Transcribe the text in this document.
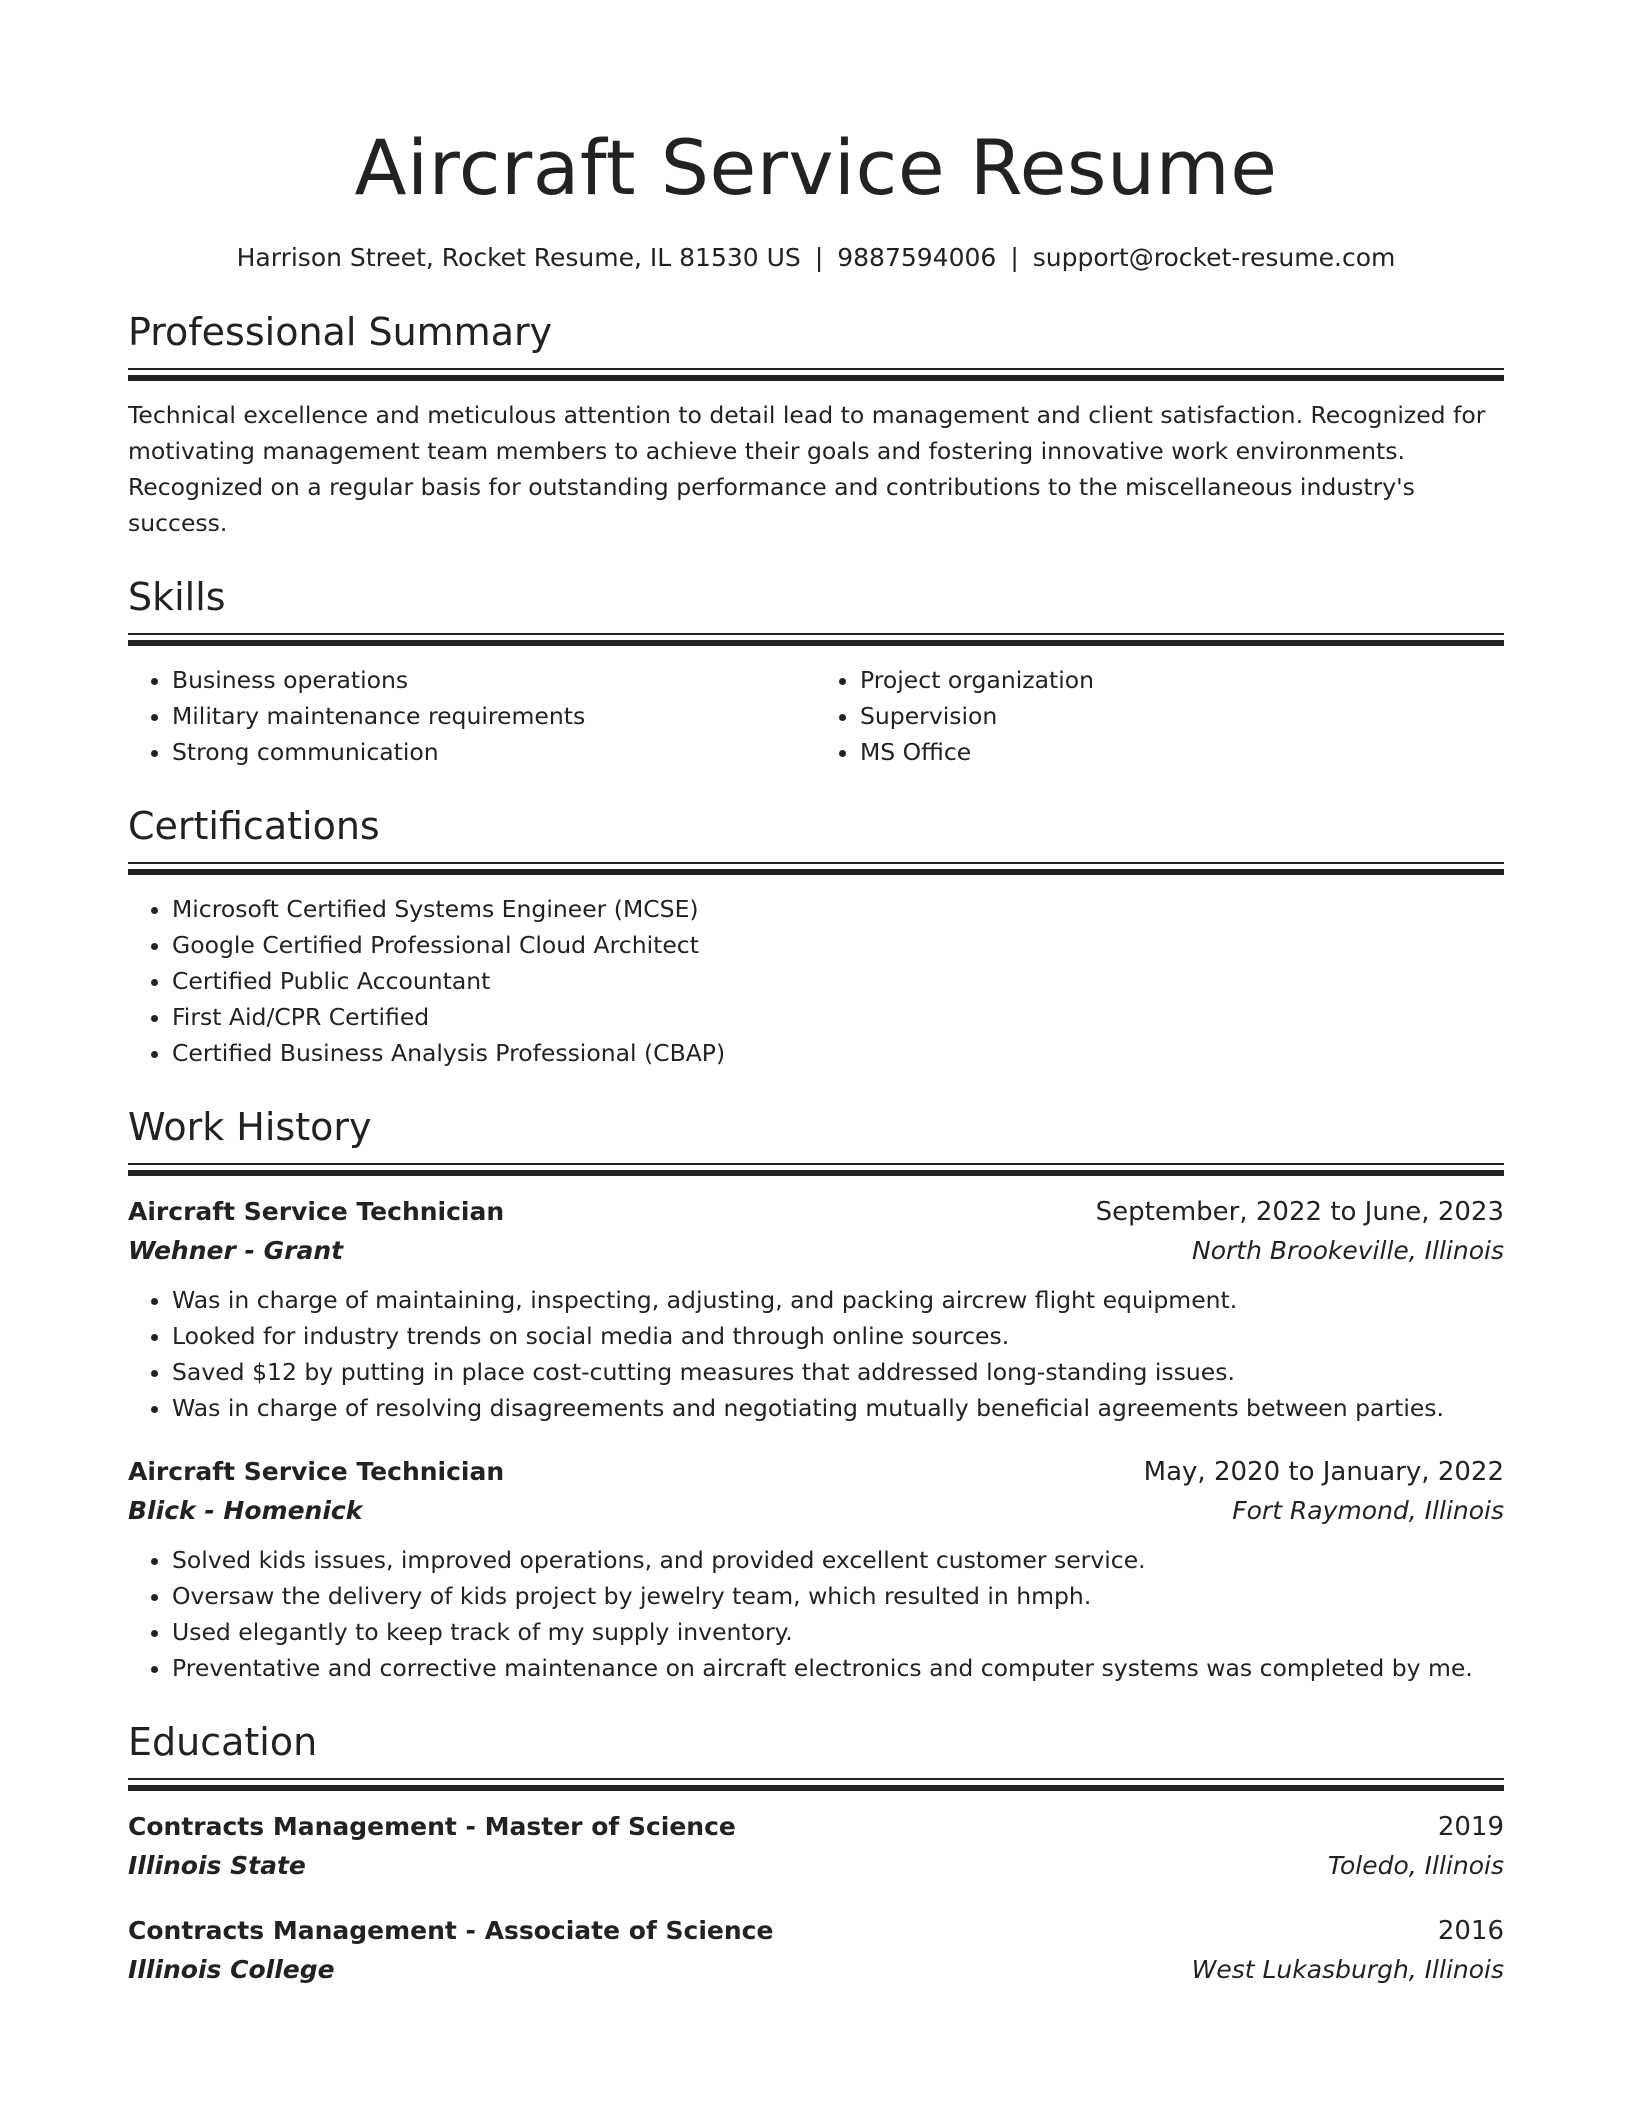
Aircraft Service Resume
Harrison Street, Rocket Resume, IL 81530 US | 9887594006 | support@rocket-resume.com
Professional Summary

Technical excellence and meticulous attention to detail lead to management and client satisfaction. Recognized for motivating management team members to achieve their goals and fostering innovative work environments. Recognized on a regular basis for outstanding performance and contributions to the miscellaneous industry's success.

Skills
• Business operations
• Military maintenance requirements
• Strong communication
• Project organization
• Supervision
• MS Office
Certifications
• Microsoft Certified Systems Engineer (MCSE)
• Google Certified Professional Cloud Architect
• Certified Public Accountant
• First Aid/CPR Certified
• Certified Business Analysis Professional (CBAP)
Work History
Aircraft Service Technician	September, 2022 to June, 2023
Wehner - Grant	North Brookeville, Illinois
• Was in charge of maintaining, inspecting, adjusting, and packing aircrew flight equipment.
• Looked for industry trends on social media and through online sources.
• Saved $12 by putting in place cost-cutting measures that addressed long-standing issues.
• Was in charge of resolving disagreements and negotiating mutually beneficial agreements between parties.
Aircraft Service Technician	May, 2020 to January, 2022
Blick - Homenick	Fort Raymond, Illinois
• Solved kids issues, improved operations, and provided excellent customer service.
• Oversaw the delivery of kids project by jewelry team, which resulted in hmph.
• Used elegantly to keep track of my supply inventory.
• Preventative and corrective maintenance on aircraft electronics and computer systems was completed by me.
Education
Contracts Management - Master of Science	2019
Illinois State	Toledo, Illinois
Contracts Management - Associate of Science	2016
Illinois College	West Lukasburgh, Illinois
